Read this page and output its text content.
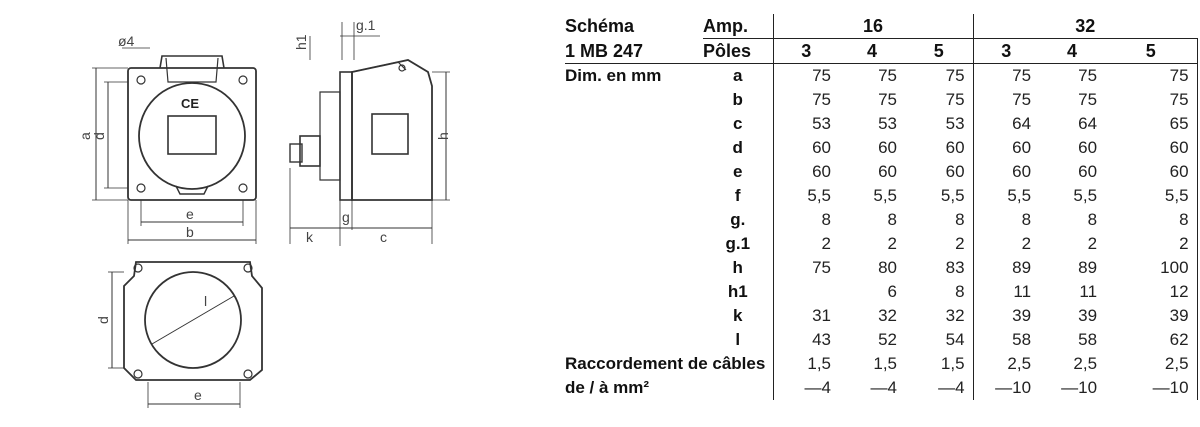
ø4
a
d
e
b
CE
h1
g.1
h
g
k	c
d
e
l
Schéma	Amp.	16			32		
1 MB 247	Pôles	3	4	5	3	4	5
Dim. en mm	a	75	75	75	75	75	75
	b	75	75	75	75	75	75
	c	53	53	53	64	64	65
	d	60	60	60	60	60	60
	e	60	60	60	60	60	60
	f	5,5	5,5	5,5	5,5	5,5	5,5
	g.	8	8	8	8	8	8
	g.1	2	2	2	2	2	2
	h	75	80	83	89	89	100
	h1		6	8	11	11	12
	k	31	32	32	39	39	39
	l	43	52	54	58	58	62
Raccordement de câbles		1,5	1,5	1,5	2,5	2,5	2,5
de / à mm²		—4	—4	—4	—10	—10	—10
